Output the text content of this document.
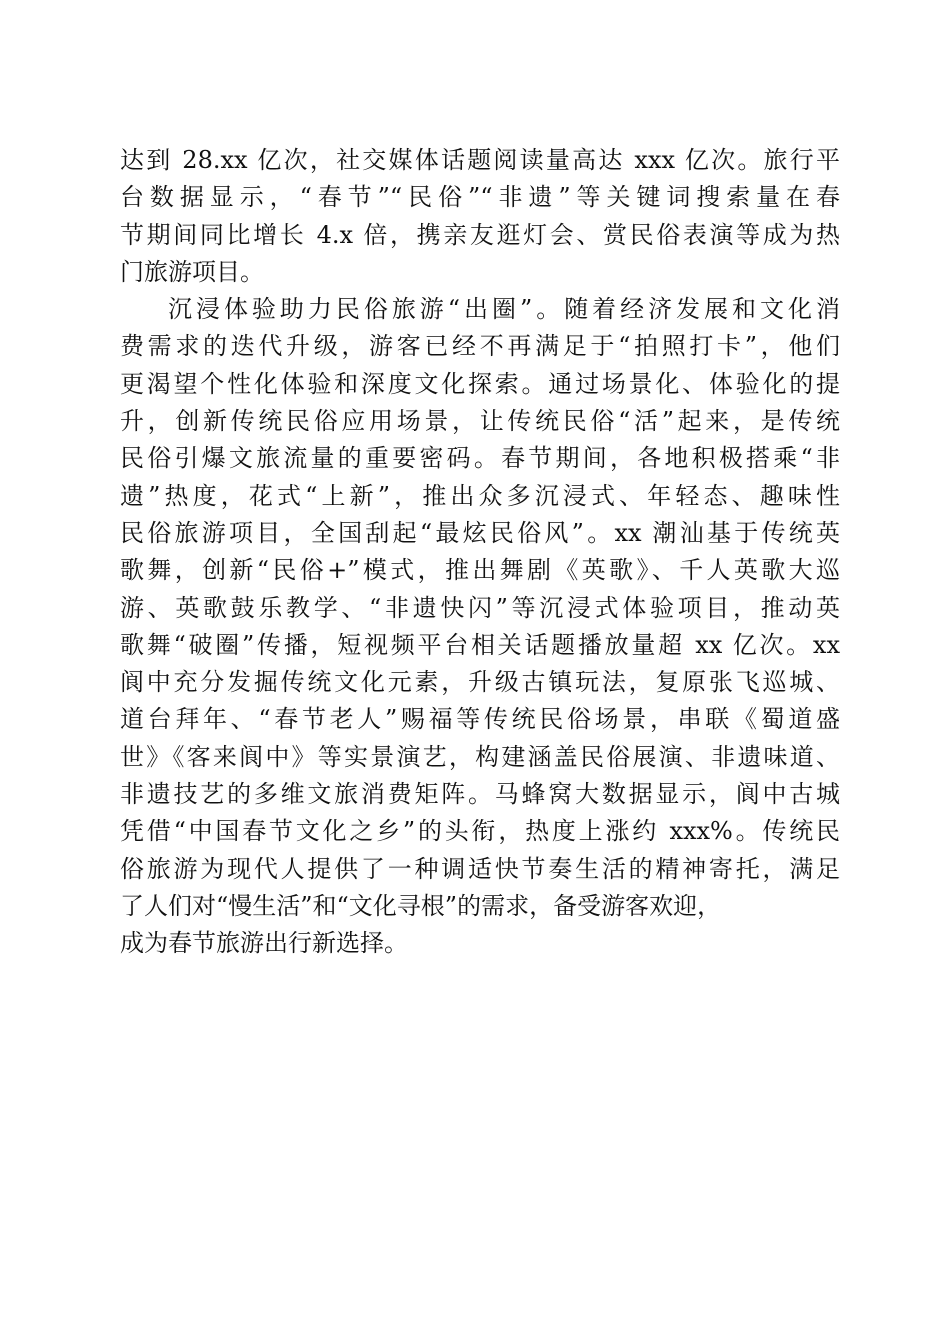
达到 28.xx 亿次，社交媒体话题阅读量高达 xxx 亿次。旅行平
台数据显示，“春节”“民俗”“非遗”等关键词搜索量在春
节期间同比增长 4.x 倍，携亲友逛灯会、赏民俗表演等成为热
门旅游项目。
沉浸体验助力民俗旅游“出圈”。随着经济发展和文化消
费需求的迭代升级，游客已经不再满足于“拍照打卡”，他们
更渴望个性化体验和深度文化探索。通过场景化、体验化的提
升，创新传统民俗应用场景，让传统民俗“活”起来，是传统
民俗引爆文旅流量的重要密码。春节期间，各地积极搭乘“非
遗”热度，花式“上新”，推出众多沉浸式、年轻态、趣味性
民俗旅游项目，全国刮起“最炫民俗风”。xx 潮汕基于传统英
歌舞，创新“民俗+”模式，推出舞剧《英歌》、千人英歌大巡
游、英歌鼓乐教学、“非遗快闪”等沉浸式体验项目，推动英
歌舞“破圈”传播，短视频平台相关话题播放量超 xx 亿次。xx
阆中充分发掘传统文化元素，升级古镇玩法，复原张飞巡城、
道台拜年、“春节老人”赐福等传统民俗场景，串联《蜀道盛
世》《客来阆中》等实景演艺，构建涵盖民俗展演、非遗味道、
非遗技艺的多维文旅消费矩阵。马蜂窝大数据显示，阆中古城
凭借“中国春节文化之乡”的头衔，热度上涨约 xxx%。传统民
俗旅游为现代人提供了一种调适快节奏生活的精神寄托，满足
了人们对“慢生活”和“文化寻根”的需求，备受游客欢迎，
成为春节旅游出行新选择。
